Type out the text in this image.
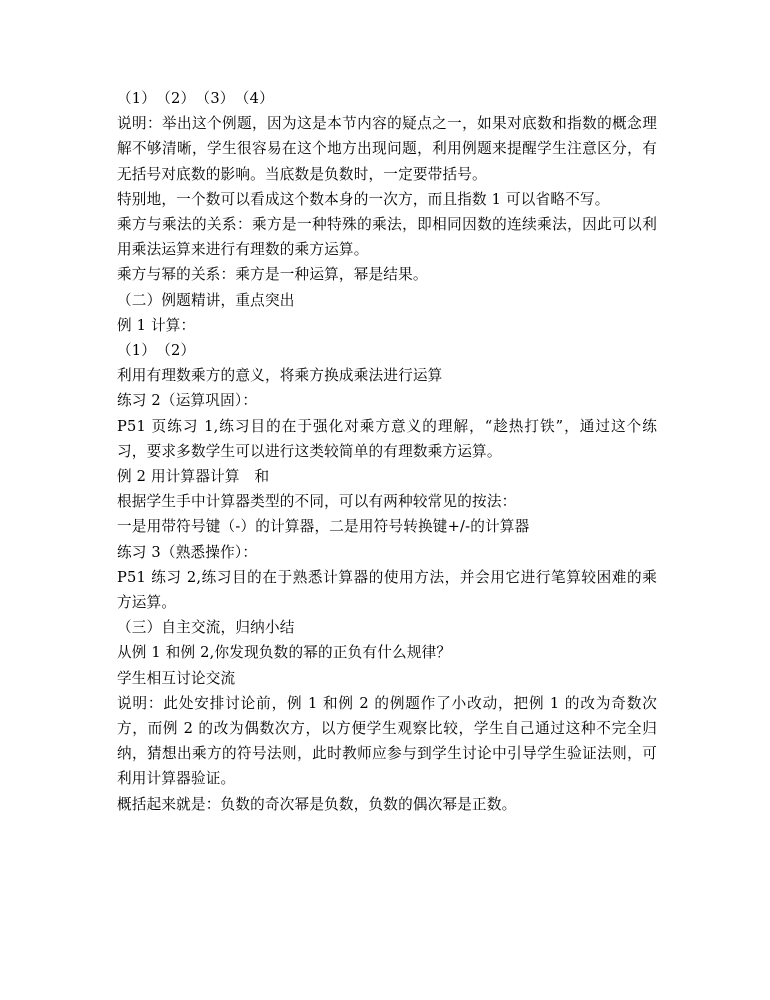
（1）　（2）　（3）　（4）

说明：举出这个例题，因为这是本节内容的疑点之一，如果对底数和指数的概念理解不够清晰，学生很容易在这个地方出现问题，利用例题来提醒学生注意区分，有无括号对底数的影响。当底数是负数时，一定要带括号。

特别地，一个数可以看成这个数本身的一次方，而且指数 1 可以省略不写。

乘方与乘法的关系：乘方是一种特殊的乘法，即相同因数的连续乘法，因此可以利用乘法运算来进行有理数的乘方运算。

乘方与幂的关系：乘方是一种运算，幂是结果。

（二）例题精讲，重点突出

例 1 计算：

（1）　（2）

利用有理数乘方的意义，将乘方换成乘法进行运算

练习 2（运算巩固）：

P51 页练习 1,练习目的在于强化对乘方意义的理解，“趁热打铁”，通过这个练习，要求多数学生可以进行这类较简单的有理数乘方运算。

例 2 用计算器计算　和

根据学生手中计算器类型的不同，可以有两种较常见的按法：

一是用带符号键（-）的计算器，二是用符号转换键+/-的计算器

练习 3（熟悉操作）：

P51 练习 2,练习目的在于熟悉计算器的使用方法，并会用它进行笔算较困难的乘方运算。

（三）自主交流，归纳小结

从例 1 和例 2,你发现负数的幂的正负有什么规律？

学生相互讨论交流

说明：此处安排讨论前，例 1 和例 2 的例题作了小改动，把例 1 的改为奇数次方，而例 2 的改为偶数次方，以方便学生观察比较，学生自己通过这种不完全归纳，猜想出乘方的符号法则，此时教师应参与到学生讨论中引导学生验证法则，可利用计算器验证。

概括起来就是：负数的奇次幂是负数，负数的偶次幂是正数。
